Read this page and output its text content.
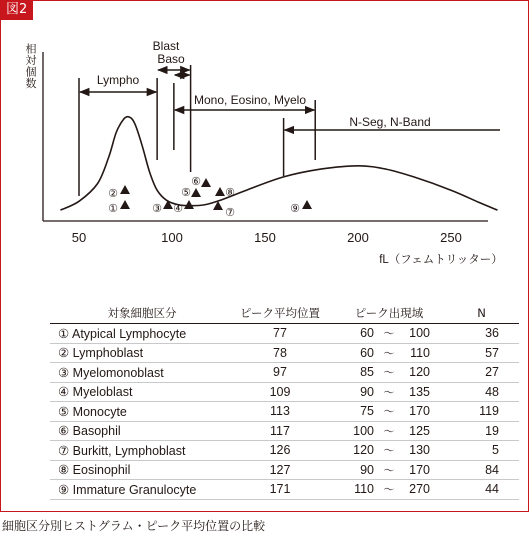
図2
相対個数
50	100	150	200	250
fL（フェムトリッター）
Lympho
Blast
Baso
Mono, Eosino, Myelo
N-Seg, N-Band
①
②
③ ④
⑤
⑥
⑦
⑧
⑨
対象細胞区分	ピーク平均位置	ピーク出現域	N
① Atypical Lymphocyte	77	60 ～ 100	36
② Lymphoblast	78	60 ～ 110	57
③ Myelomonoblast	97	85 ～ 120	27
④ Myeloblast	109	90 ～ 135	48
⑤ Monocyte	113	75 ～ 170	119
⑥ Basophil	117	100 ～ 125	19
⑦ Burkitt, Lymphoblast	126	120 ～ 130	5
⑧ Eosinophil	127	90 ～ 170	84
⑨ Immature Granulocyte	171	110 ～ 270	44
細胞区分別ヒストグラム・ピーク平均位置の比較
